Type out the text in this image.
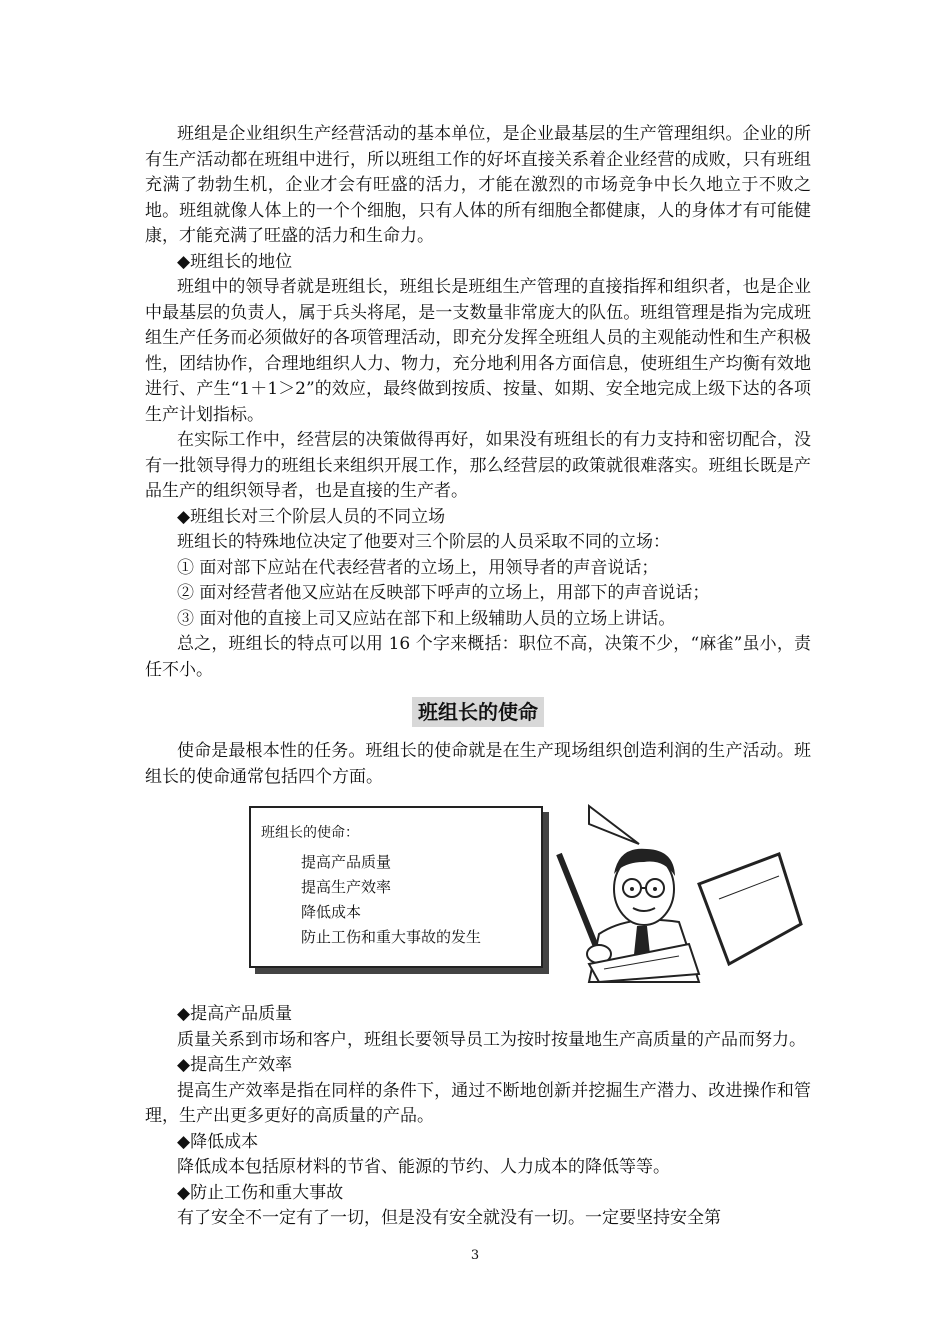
班组是企业组织生产经营活动的基本单位，是企业最基层的生产管理组织。企业的所有生产活动都在班组中进行，所以班组工作的好坏直接关系着企业经营的成败，只有班组充满了勃勃生机，企业才会有旺盛的活力，才能在激烈的市场竞争中长久地立于不败之地。班组就像人体上的一个个细胞，只有人体的所有细胞全都健康，人的身体才有可能健康，才能充满了旺盛的活力和生命力。

◆班组长的地位

班组中的领导者就是班组长，班组长是班组生产管理的直接指挥和组织者，也是企业中最基层的负责人，属于兵头将尾，是一支数量非常庞大的队伍。班组管理是指为完成班组生产任务而必须做好的各项管理活动，即充分发挥全班组人员的主观能动性和生产积极性，团结协作，合理地组织人力、物力，充分地利用各方面信息，使班组生产均衡有效地进行、产生“1＋1＞2”的效应，最终做到按质、按量、如期、安全地完成上级下达的各项生产计划指标。

在实际工作中，经营层的决策做得再好，如果没有班组长的有力支持和密切配合，没有一批领导得力的班组长来组织开展工作，那么经营层的政策就很难落实。班组长既是产品生产的组织领导者，也是直接的生产者。

◆班组长对三个阶层人员的不同立场

班组长的特殊地位决定了他要对三个阶层的人员采取不同的立场：

① 面对部下应站在代表经营者的立场上，用领导者的声音说话；

② 面对经营者他又应站在反映部下呼声的立场上，用部下的声音说话；

③ 面对他的直接上司又应站在部下和上级辅助人员的立场上讲话。

总之，班组长的特点可以用 16 个字来概括：职位不高，决策不少，“麻雀”虽小，责任不小。

班组长的使命

使命是最根本性的任务。班组长的使命就是在生产现场组织创造利润的生产活动。班组长的使命通常包括四个方面。

班组长的使命：
提高产品质量
提高生产效率
降低成本
防止工伤和重大事故的发生

◆提高产品质量

质量关系到市场和客户，班组长要领导员工为按时按量地生产高质量的产品而努力。

◆提高生产效率

提高生产效率是指在同样的条件下，通过不断地创新并挖掘生产潜力、改进操作和管理，生产出更多更好的高质量的产品。

◆降低成本

降低成本包括原材料的节省、能源的节约、人力成本的降低等等。

◆防止工伤和重大事故

有了安全不一定有了一切，但是没有安全就没有一切。一定要坚持安全第

3
